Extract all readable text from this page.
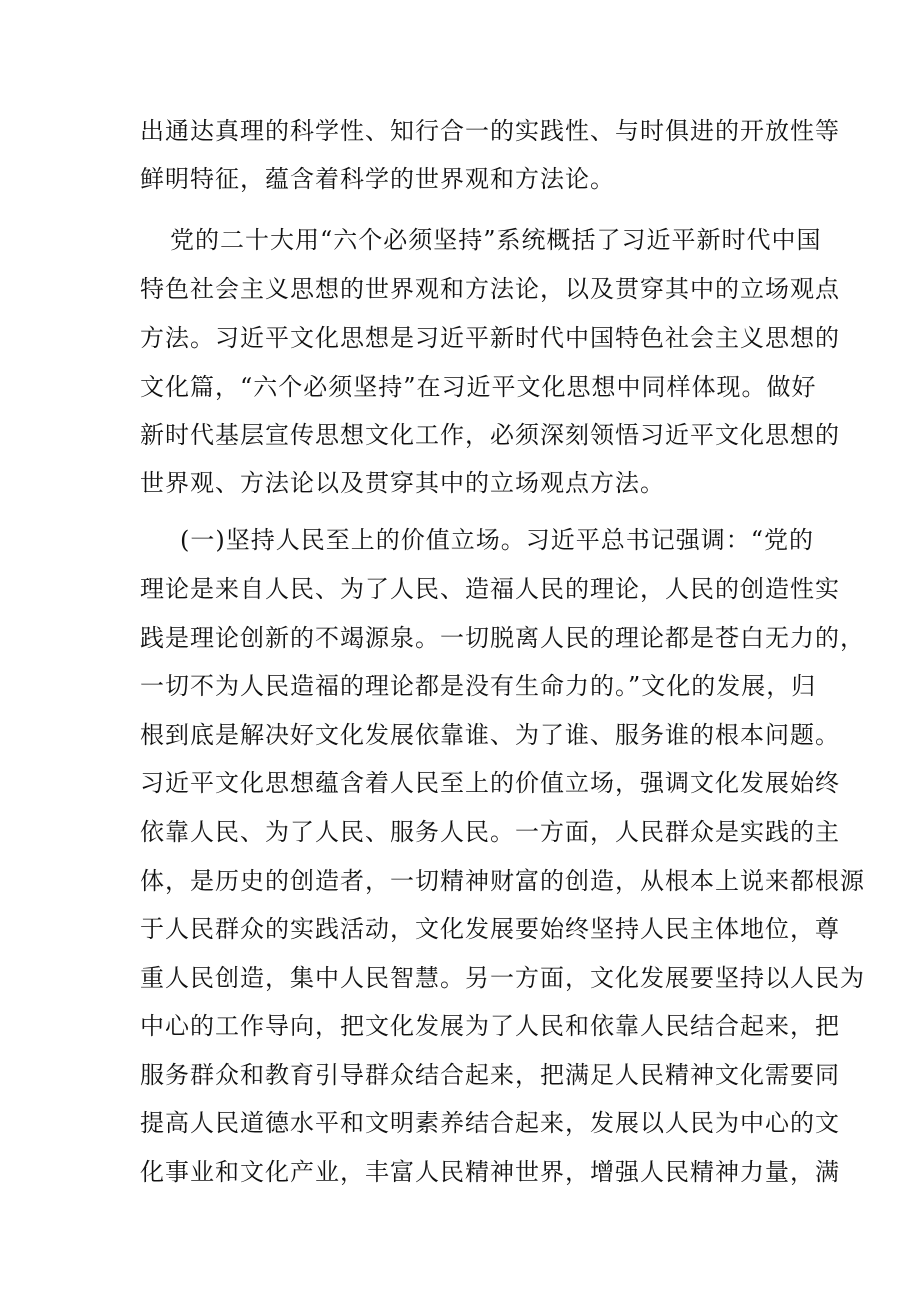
出通达真理的科学性、知行合一的实践性、与时俱进的开放性等
鲜明特征，蕴含着科学的世界观和方法论。
党的二十大用“六个必须坚持”系统概括了习近平新时代中国
特色社会主义思想的世界观和方法论，以及贯穿其中的立场观点
方法。习近平文化思想是习近平新时代中国特色社会主义思想的
文化篇，“六个必须坚持”在习近平文化思想中同样体现。做好
新时代基层宣传思想文化工作，必须深刻领悟习近平文化思想的
世界观、方法论以及贯穿其中的立场观点方法。
(一)坚持人民至上的价值立场。习近平总书记强调：“党的
理论是来自人民、为了人民、造福人民的理论，人民的创造性实
践是理论创新的不竭源泉。一切脱离人民的理论都是苍白无力的，
一切不为人民造福的理论都是没有生命力的。”文化的发展，归
根到底是解决好文化发展依靠谁、为了谁、服务谁的根本问题。
习近平文化思想蕴含着人民至上的价值立场，强调文化发展始终
依靠人民、为了人民、服务人民。一方面，人民群众是实践的主
体，是历史的创造者，一切精神财富的创造，从根本上说来都根源
于人民群众的实践活动，文化发展要始终坚持人民主体地位，尊
重人民创造，集中人民智慧。另一方面，文化发展要坚持以人民为
中心的工作导向，把文化发展为了人民和依靠人民结合起来，把
服务群众和教育引导群众结合起来，把满足人民精神文化需要同
提高人民道德水平和文明素养结合起来，发展以人民为中心的文
化事业和文化产业，丰富人民精神世界，增强人民精神力量，满
